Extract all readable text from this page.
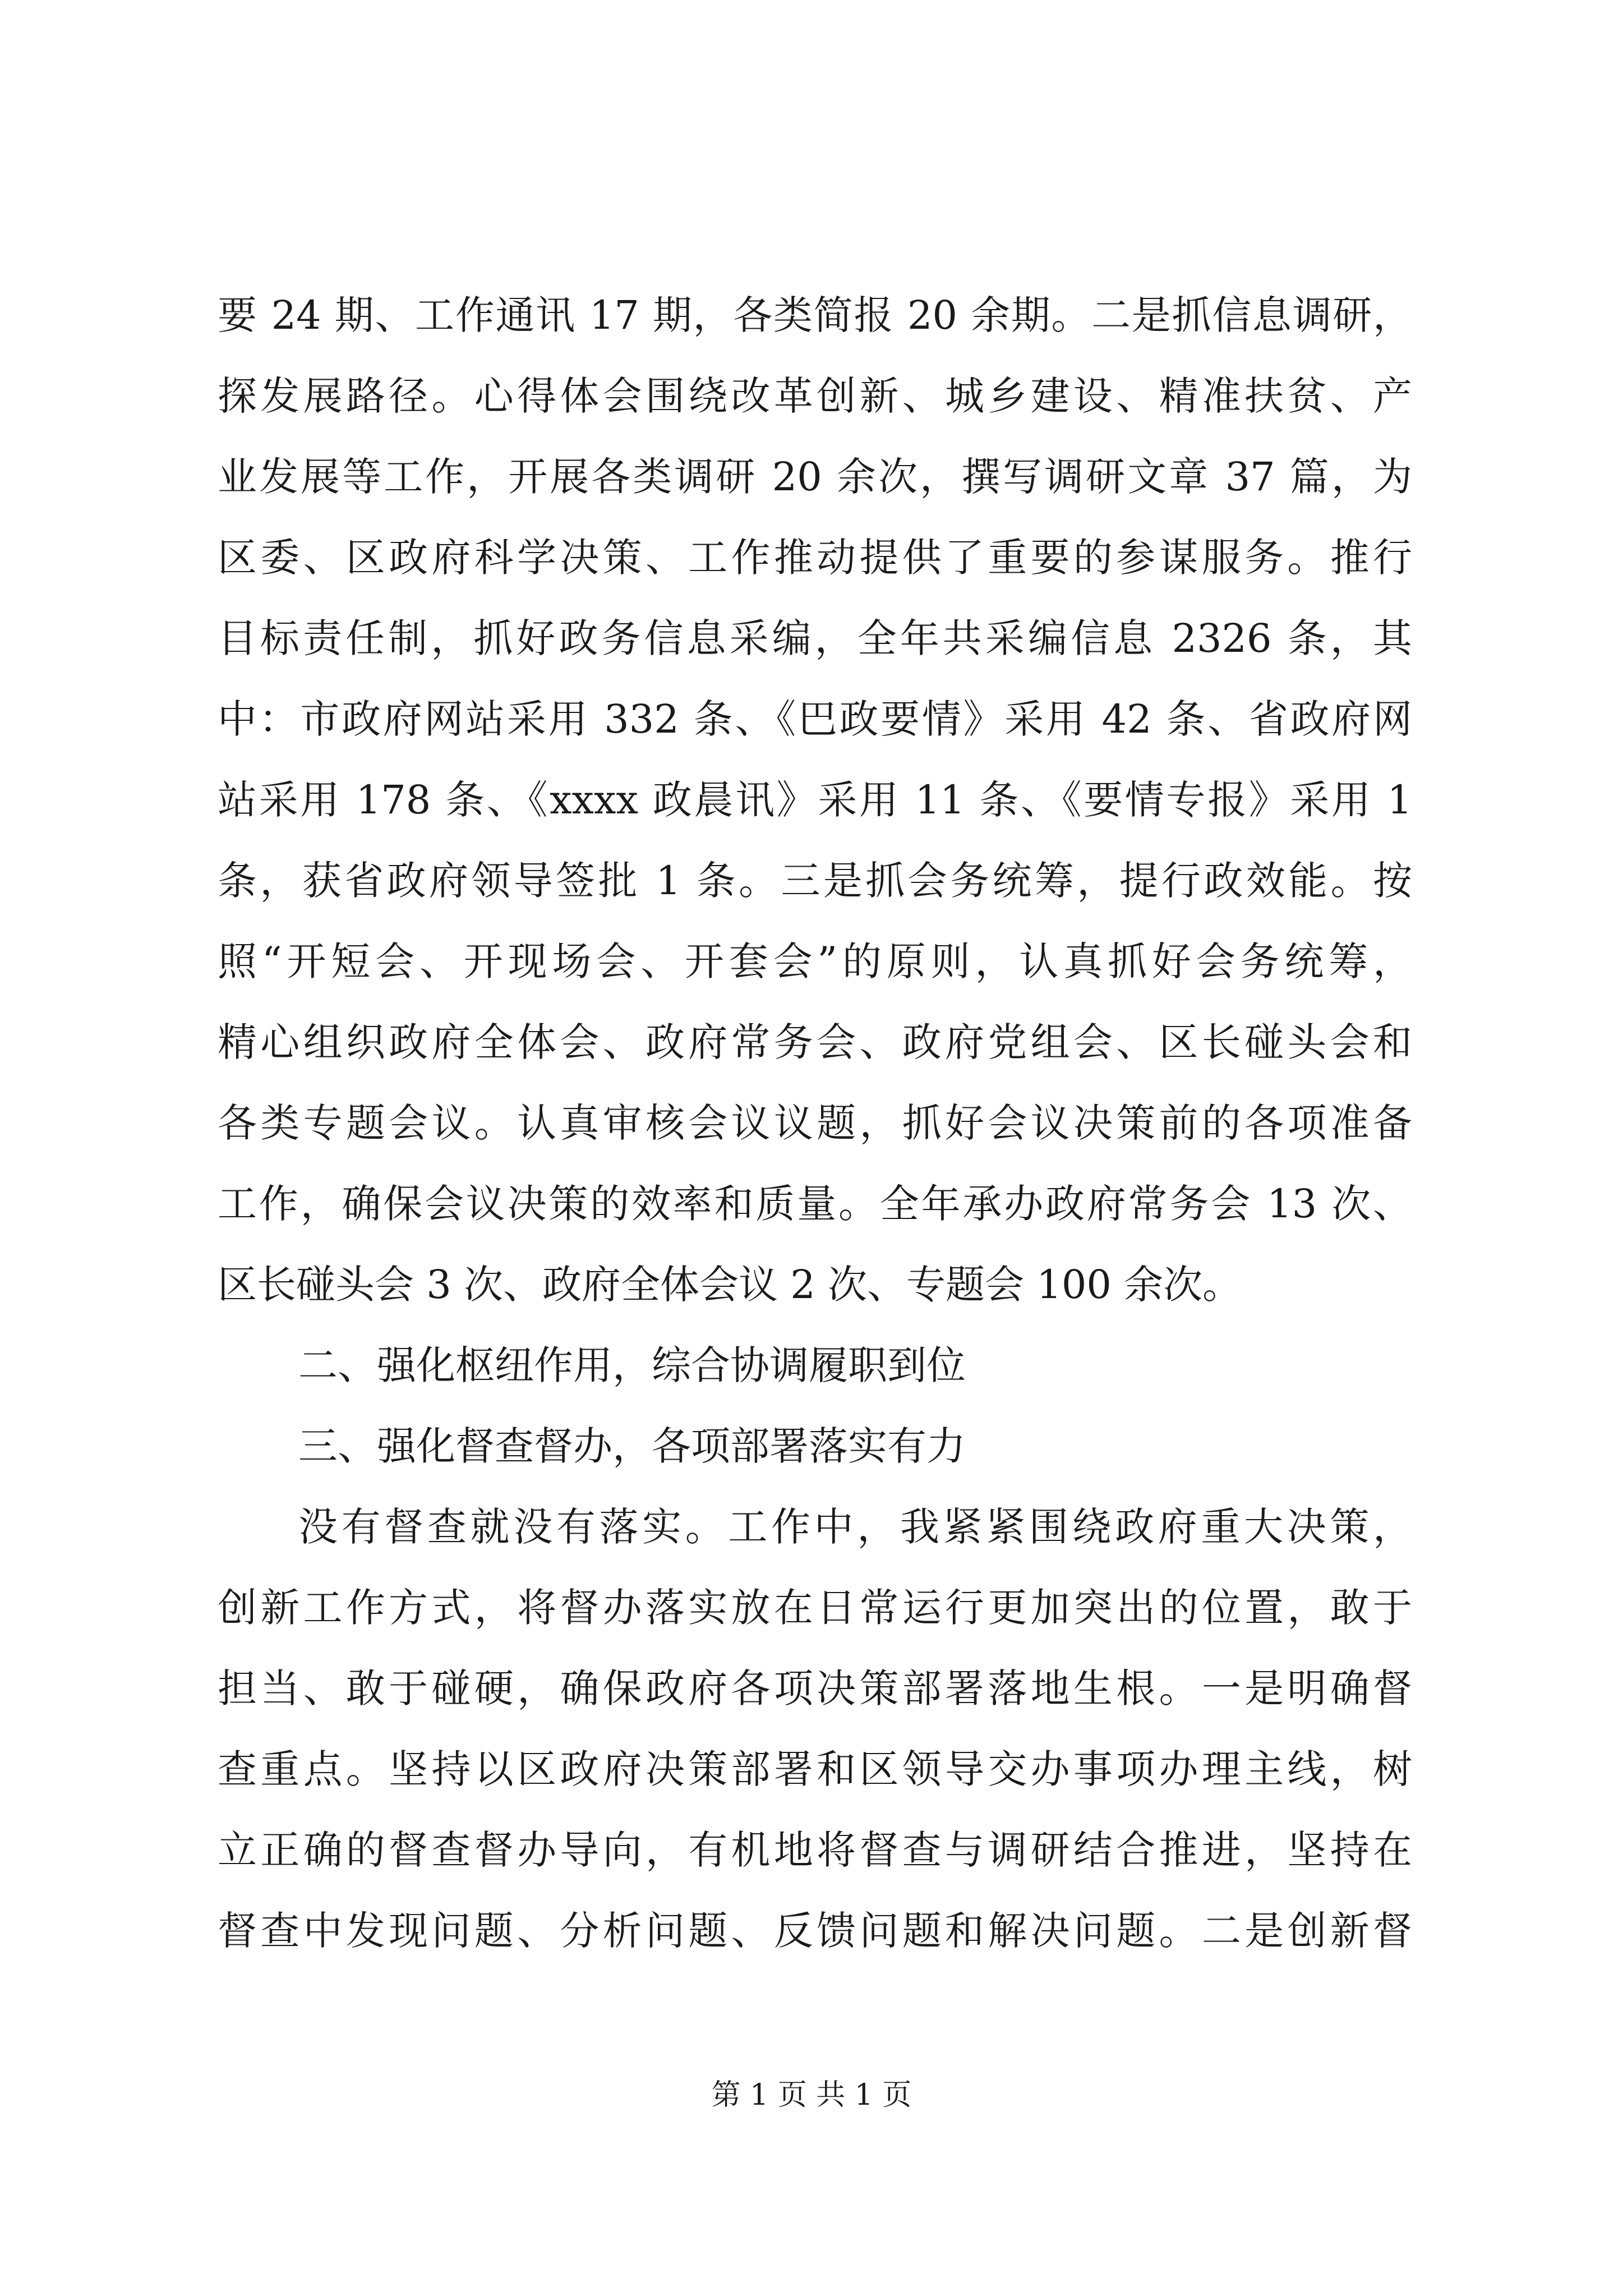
要 24 期、工作通讯 17 期，各类简报 20 余期。二是抓信息调研，
探发展路径。心得体会围绕改革创新、城乡建设、精准扶贫、产
业发展等工作，开展各类调研 20 余次，撰写调研文章 37 篇，为
区委、区政府科学决策、工作推动提供了重要的参谋服务。推行
目标责任制，抓好政务信息采编，全年共采编信息 2326 条，其
中：市政府网站采用 332 条、《巴政要情》采用 42 条、省政府网
站采用 178 条、《xxxx 政晨讯》采用 11 条、《要情专报》采用 1
条，获省政府领导签批 1 条。三是抓会务统筹，提行政效能。按
照“开短会、开现场会、开套会”的原则，认真抓好会务统筹，
精心组织政府全体会、政府常务会、政府党组会、区长碰头会和
各类专题会议。认真审核会议议题，抓好会议决策前的各项准备
工作，确保会议决策的效率和质量。全年承办政府常务会 13 次、
区长碰头会 3 次、政府全体会议 2 次、专题会 100 余次。
二、强化枢纽作用，综合协调履职到位
三、强化督查督办，各项部署落实有力
没有督查就没有落实。工作中，我紧紧围绕政府重大决策，
创新工作方式，将督办落实放在日常运行更加突出的位置，敢于
担当、敢于碰硬，确保政府各项决策部署落地生根。一是明确督
查重点。坚持以区政府决策部署和区领导交办事项办理主线，树
立正确的督查督办导向，有机地将督查与调研结合推进，坚持在
督查中发现问题、分析问题、反馈问题和解决问题。二是创新督
第 1 页 共 1 页
